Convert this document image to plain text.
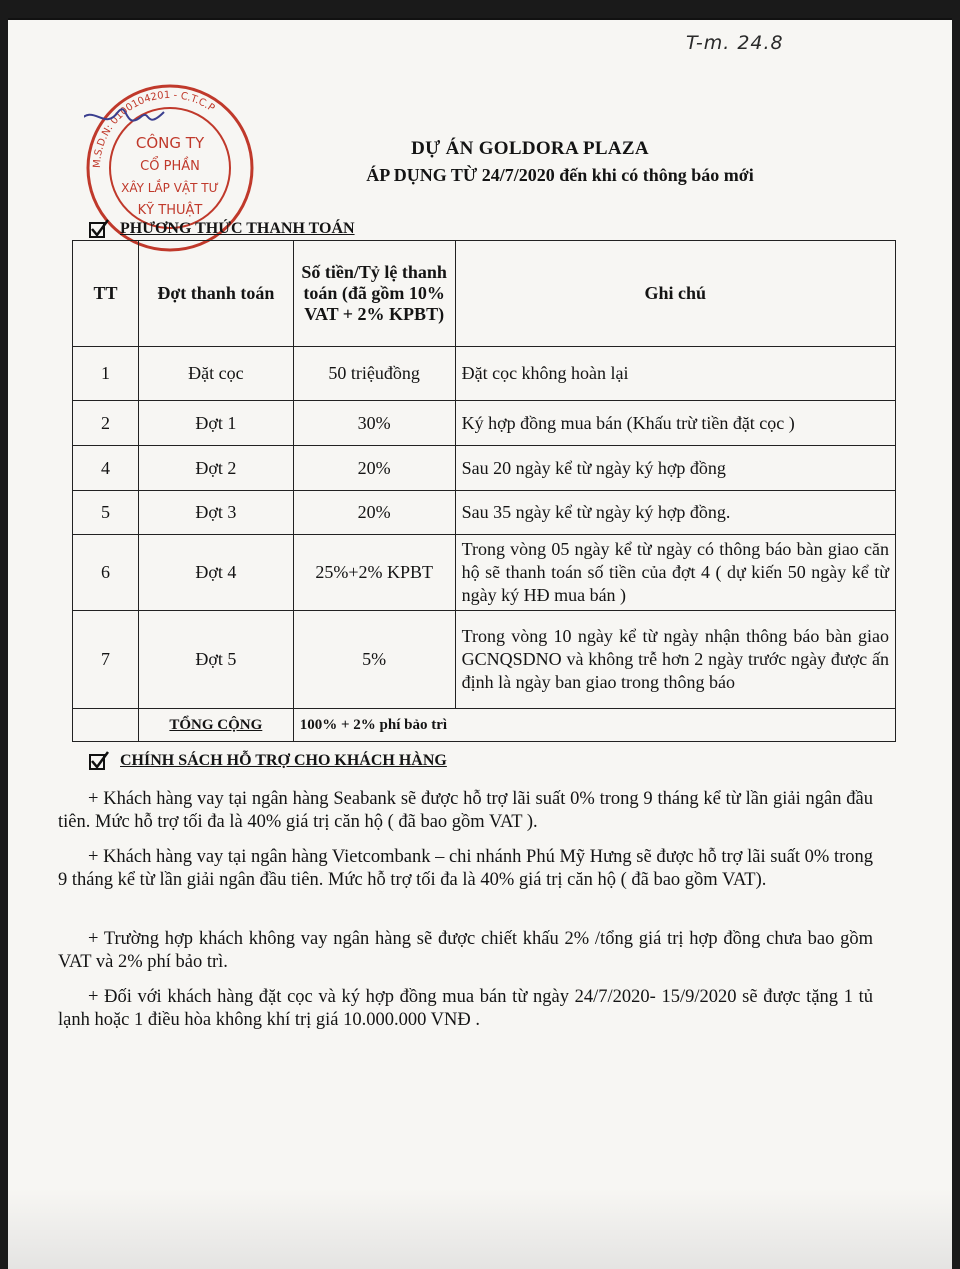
T-m. 24.8
M.S.D.N: 0100104201 - C.T.C.P
CÔNG TY
CỔ PHẦN
XÂY LẮP VẬT TƯ
KỸ THUẬT
DỰ ÁN GOLDORA PLAZA
ÁP DỤNG TỪ 24/7/2020 đến khi có thông báo mới
PHƯƠNG THỨC THANH TOÁN
TT	Đợt thanh toán	Số tiền/Tỷ lệ thanh toán (đã gồm 10% VAT + 2% KPBT)	Ghi chú
1	Đặt cọc	50 triệuđồng	Đặt cọc không hoàn lại
2	Đợt 1	30%	Ký hợp đồng mua bán (Khấu trừ tiền đặt cọc )
4	Đợt 2	20%	Sau 20 ngày kể từ ngày ký hợp đồng
5	Đợt 3	20%	Sau 35 ngày kể từ ngày ký hợp đồng.
6	Đợt 4	25%+2% KPBT	Trong vòng 05 ngày kể từ ngày có thông báo bàn giao căn hộ sẽ thanh toán số tiền của đợt 4 ( dự kiến 50 ngày kể từ ngày ký HĐ mua bán )
7	Đợt 5	5%	Trong vòng 10 ngày kể từ ngày nhận thông báo bàn giao GCNQSDNO và không trễ hơn 2 ngày trước ngày được ấn định là ngày ban giao trong thông báo
	TỔNG CỘNG	100% + 2% phí bảo trì	
CHÍNH SÁCH HỖ TRỢ CHO KHÁCH HÀNG
+ Khách hàng vay tại ngân hàng Seabank sẽ được hỗ trợ lãi suất 0% trong 9 tháng kể từ lần giải ngân đầu tiên. Mức hỗ trợ tối đa là 40% giá trị căn hộ ( đã bao gồm VAT ).
+ Khách hàng vay tại ngân hàng Vietcombank – chi nhánh Phú Mỹ Hưng sẽ được hỗ trợ lãi suất 0% trong 9 tháng kể từ lần giải ngân đầu tiên. Mức hỗ trợ tối đa là 40% giá trị căn hộ ( đã bao gồm VAT).
+ Trường hợp khách không vay ngân hàng sẽ được chiết khấu 2% /tổng giá trị hợp đồng chưa bao gồm VAT và 2% phí bảo trì.
+ Đối với khách hàng đặt cọc và ký hợp đồng mua bán từ ngày 24/7/2020- 15/9/2020 sẽ được tặng 1 tủ lạnh hoặc 1 điều hòa không khí trị giá 10.000.000 VNĐ .
